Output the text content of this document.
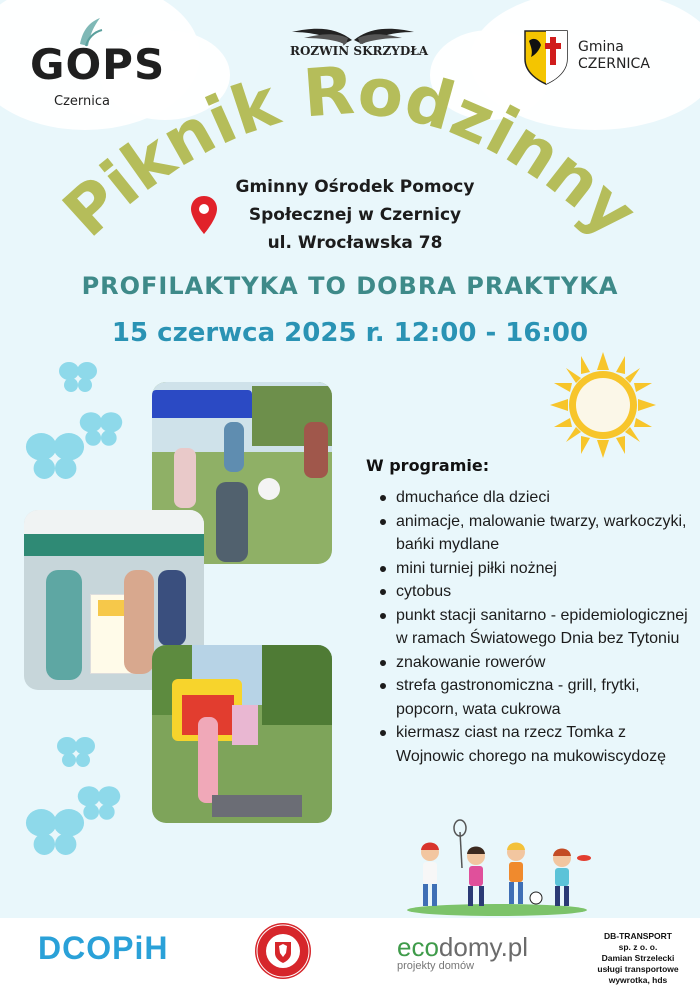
GOPS
Czernica
ROZWIŃ SKRZYDŁA	Gmina
CZERNICA
Piknik Rodzinny
Gminny Ośrodek Pomocy
Społecznej w Czernicy
ul. Wrocławska 78
PROFILAKTYKA TO DOBRA PRAKTYKA
15 czerwca 2025 r. 12:00 - 16:00
W programie:
dmuchańce dla dzieci
animacje, malowanie twarzy, warkoczyki, bańki mydlane
mini turniej piłki nożnej
cytobus
punkt stacji sanitarno - epidemiologicznej w ramach Światowego Dnia bez Tytoniu
znakowanie rowerów
strefa gastronomiczna - grill, frytki, popcorn, wata cukrowa
kiermasz ciast na rzecz Tomka z Wojnowic chorego na mukowiscydozę
DCOPiH	ecodomy.pl
projekty domów
DB-TRANSPORT
sp. z o. o.
Damian Strzelecki
usługi transportowe
wywrotka, hds
